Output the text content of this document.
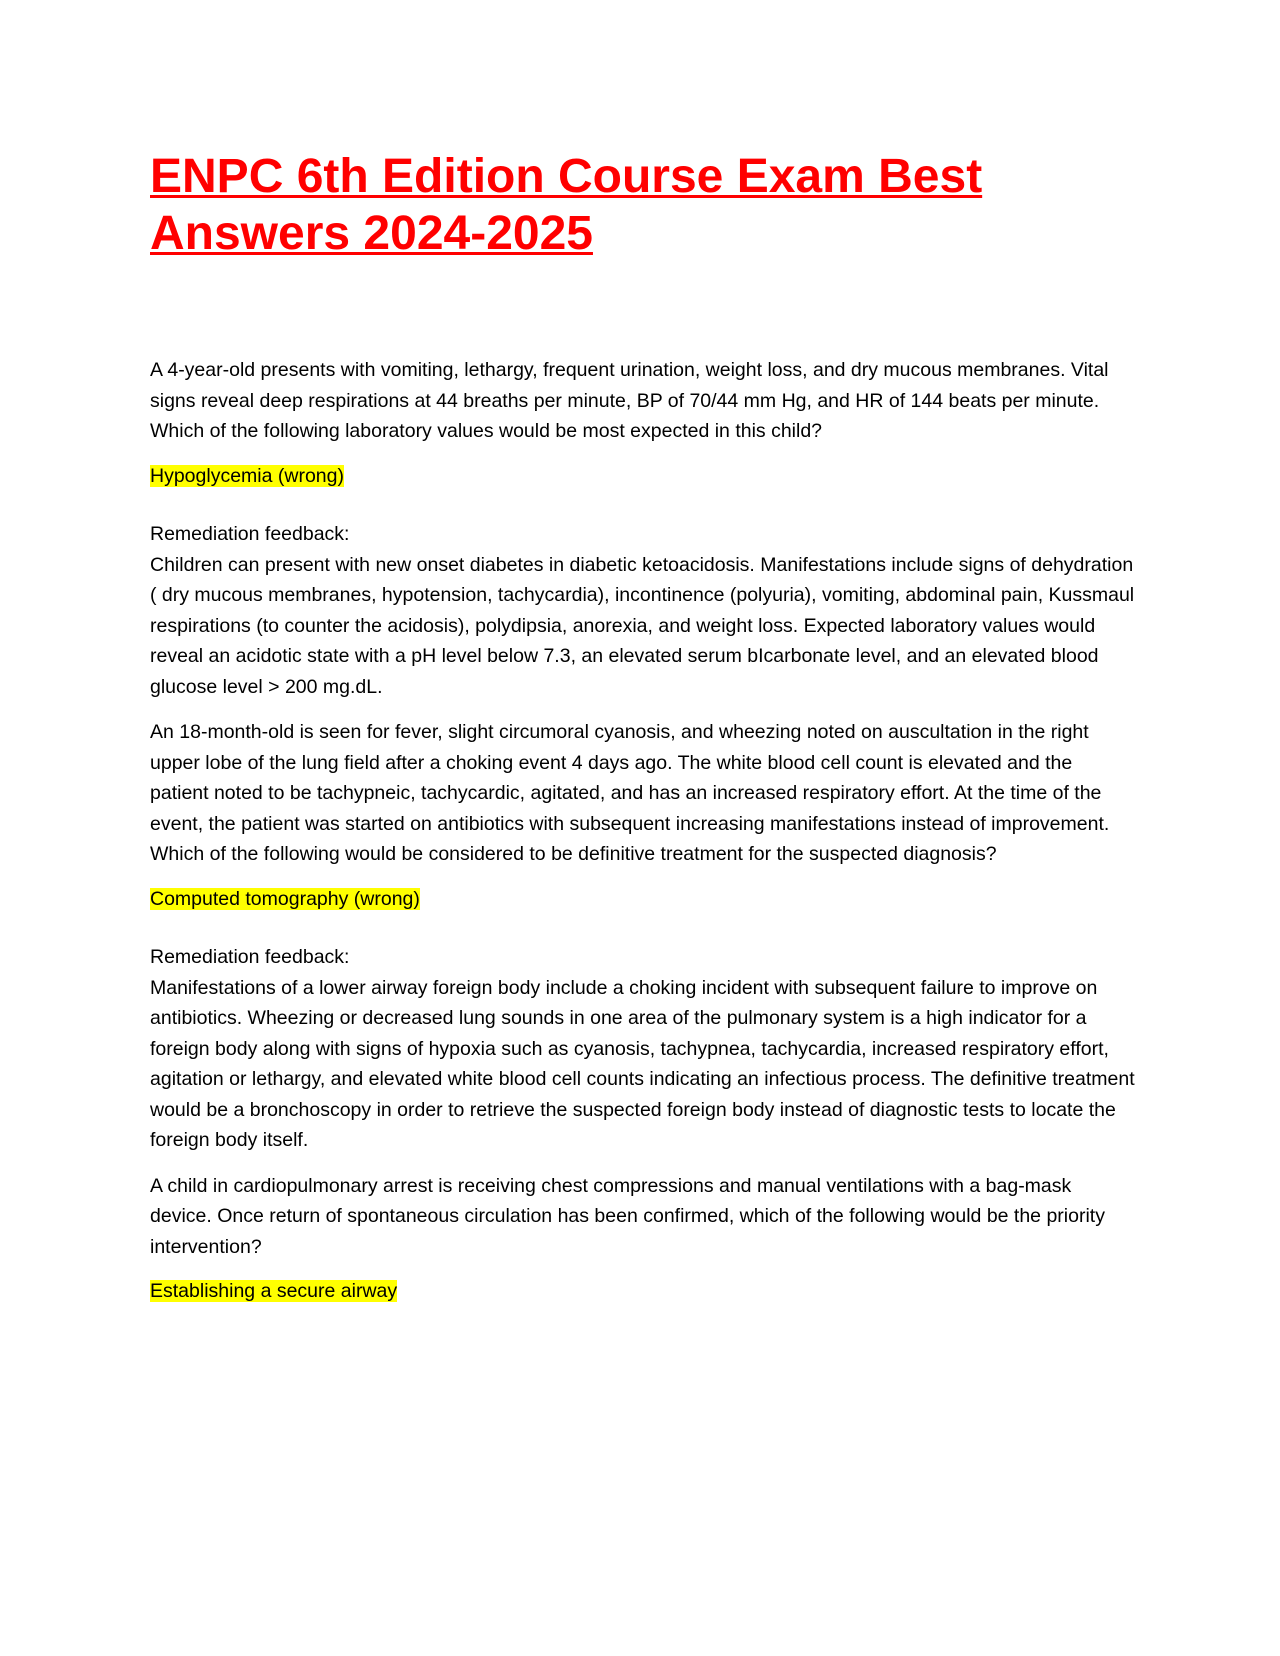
ENPC 6th Edition Course Exam Best Answers 2024-2025

A 4-year-old presents with vomiting, lethargy, frequent urination, weight loss, and dry mucous membranes. Vital signs reveal deep respirations at 44 breaths per minute, BP of 70/44 mm Hg, and HR of 144 beats per minute. Which of the following laboratory values would be most expected in this child?

Hypoglycemia (wrong)

Remediation feedback:

Children can present with new onset diabetes in diabetic ketoacidosis. Manifestations include signs of dehydration ( dry mucous membranes, hypotension, tachycardia), incontinence (polyuria), vomiting, abdominal pain, Kussmaul respirations (to counter the acidosis), polydipsia, anorexia, and weight loss. Expected laboratory values would reveal an acidotic state with a pH level below 7.3, an elevated serum bIcarbonate level, and an elevated blood glucose level > 200 mg.dL.

An 18-month-old is seen for fever, slight circumoral cyanosis, and wheezing noted on auscultation in the right upper lobe of the lung field after a choking event 4 days ago. The white blood cell count is elevated and the patient noted to be tachypneic, tachycardic, agitated, and has an increased respiratory effort. At the time of the event, the patient was started on antibiotics with subsequent increasing manifestations instead of improvement. Which of the following would be considered to be definitive treatment for the suspected diagnosis?

Computed tomography (wrong)

Remediation feedback:

Manifestations of a lower airway foreign body include a choking incident with subsequent failure to improve on antibiotics. Wheezing or decreased lung sounds in one area of the pulmonary system is a high indicator for a foreign body along with signs of hypoxia such as cyanosis, tachypnea, tachycardia, increased respiratory effort, agitation or lethargy, and elevated white blood cell counts indicating an infectious process. The definitive treatment would be a bronchoscopy in order to retrieve the suspected foreign body instead of diagnostic tests to locate the foreign body itself.

A child in cardiopulmonary arrest is receiving chest compressions and manual ventilations with a bag-mask device. Once return of spontaneous circulation has been confirmed, which of the following would be the priority intervention?

Establishing a secure airway
